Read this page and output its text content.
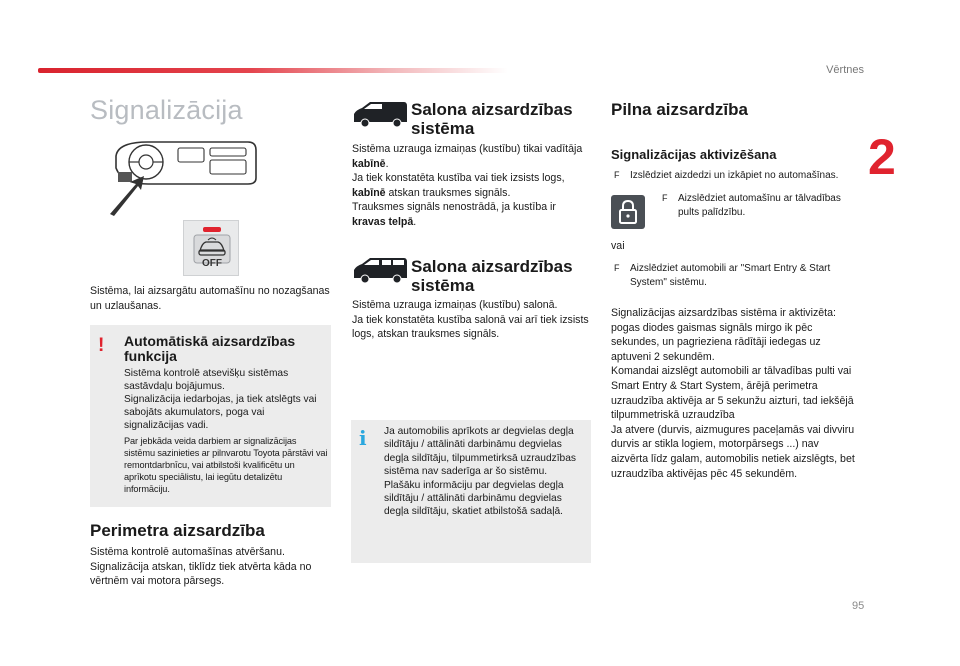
Vērtnes
2
95
Signalizācija
OFF

Sistēma, lai aizsargātu automašīnu no nozagšanas un uzlaušanas.

! Automātiskā aizsardzības funkcija

Sistēma kontrolē atsevišķu sistēmas sastāvdaļu bojājumus.
Signalizācija iedarbojas, ja tiek atslēgts vai sabojāts akumulators, poga vai signalizācijas vadi.

Par jebkāda veida darbiem ar signalizācijas sistēmu sazinieties ar pilnvarotu Toyota pārstāvi vai remontdarbnīcu, vai atbilstoši kvalificētu un aprīkotu speciālistu, lai iegūtu detalizētu informāciju.

Perimetra aizsardzība

Sistēma kontrolē automašīnas atvēršanu.
Signalizācija atskan, tiklīdz tiek atvērta kāda no vērtnēm vai motora pārsegs.

Salona aizsardzības sistēma

Sistēma uzrauga izmaiņas (kustību) tikai vadītāja kabīnē.
Ja tiek konstatēta kustība vai tiek izsists logs, kabīnē atskan trauksmes signāls.
Trauksmes signāls nenostrādā, ja kustība ir kravas telpā.

Salona aizsardzības sistēma

Sistēma uzrauga izmaiņas (kustību) salonā.
Ja tiek konstatēta kustība salonā vai arī tiek izsists logs, atskan trauksmes signāls.

i Ja automobilis aprīkots ar degvielas degļa sildītāju / attālināti darbināmu degvielas degļa sildītāju, tilpummetirksā uzraudzības sistēma nav saderīga ar šo sistēmu.
Plašāku informāciju par degvielas degļa sildītāju / attālināti darbināmu degvielas degļa sildītāju, skatiet atbilstošā sadaļā.

Pilna aizsardzība
Signalizācijas aktivizēšana
F	Izslēdziet aizdedzi un izkāpiet no automašīnas.
F	Aizslēdziet automašīnu ar tālvadības pults palīdzību.
vai
F	Aizslēdziet automobili ar "Smart Entry & Start System" sistēmu.

Signalizācijas aizsardzības sistēma ir aktivizēta: pogas diodes gaismas signāls mirgo ik pēc sekundes, un pagrieziena rādītāji iedegas uz aptuveni 2 sekundēm.
Komandai aizslēgt automobili ar tālvadības pulti vai Smart Entry & Start System, ārējā perimetra uzraudzība aktivēja ar 5 sekunžu aizturi, tad iekšējā tilpummetriskā uzraudzība
Ja atvere (durvis, aizmugures paceļamās vai divviru durvis ar stikla logiem, motorpārsegs ...) nav aizvērta līdz galam, automobilis netiek aizslēgts, bet uzraudzība aktivējas pēc 45 sekundēm.
